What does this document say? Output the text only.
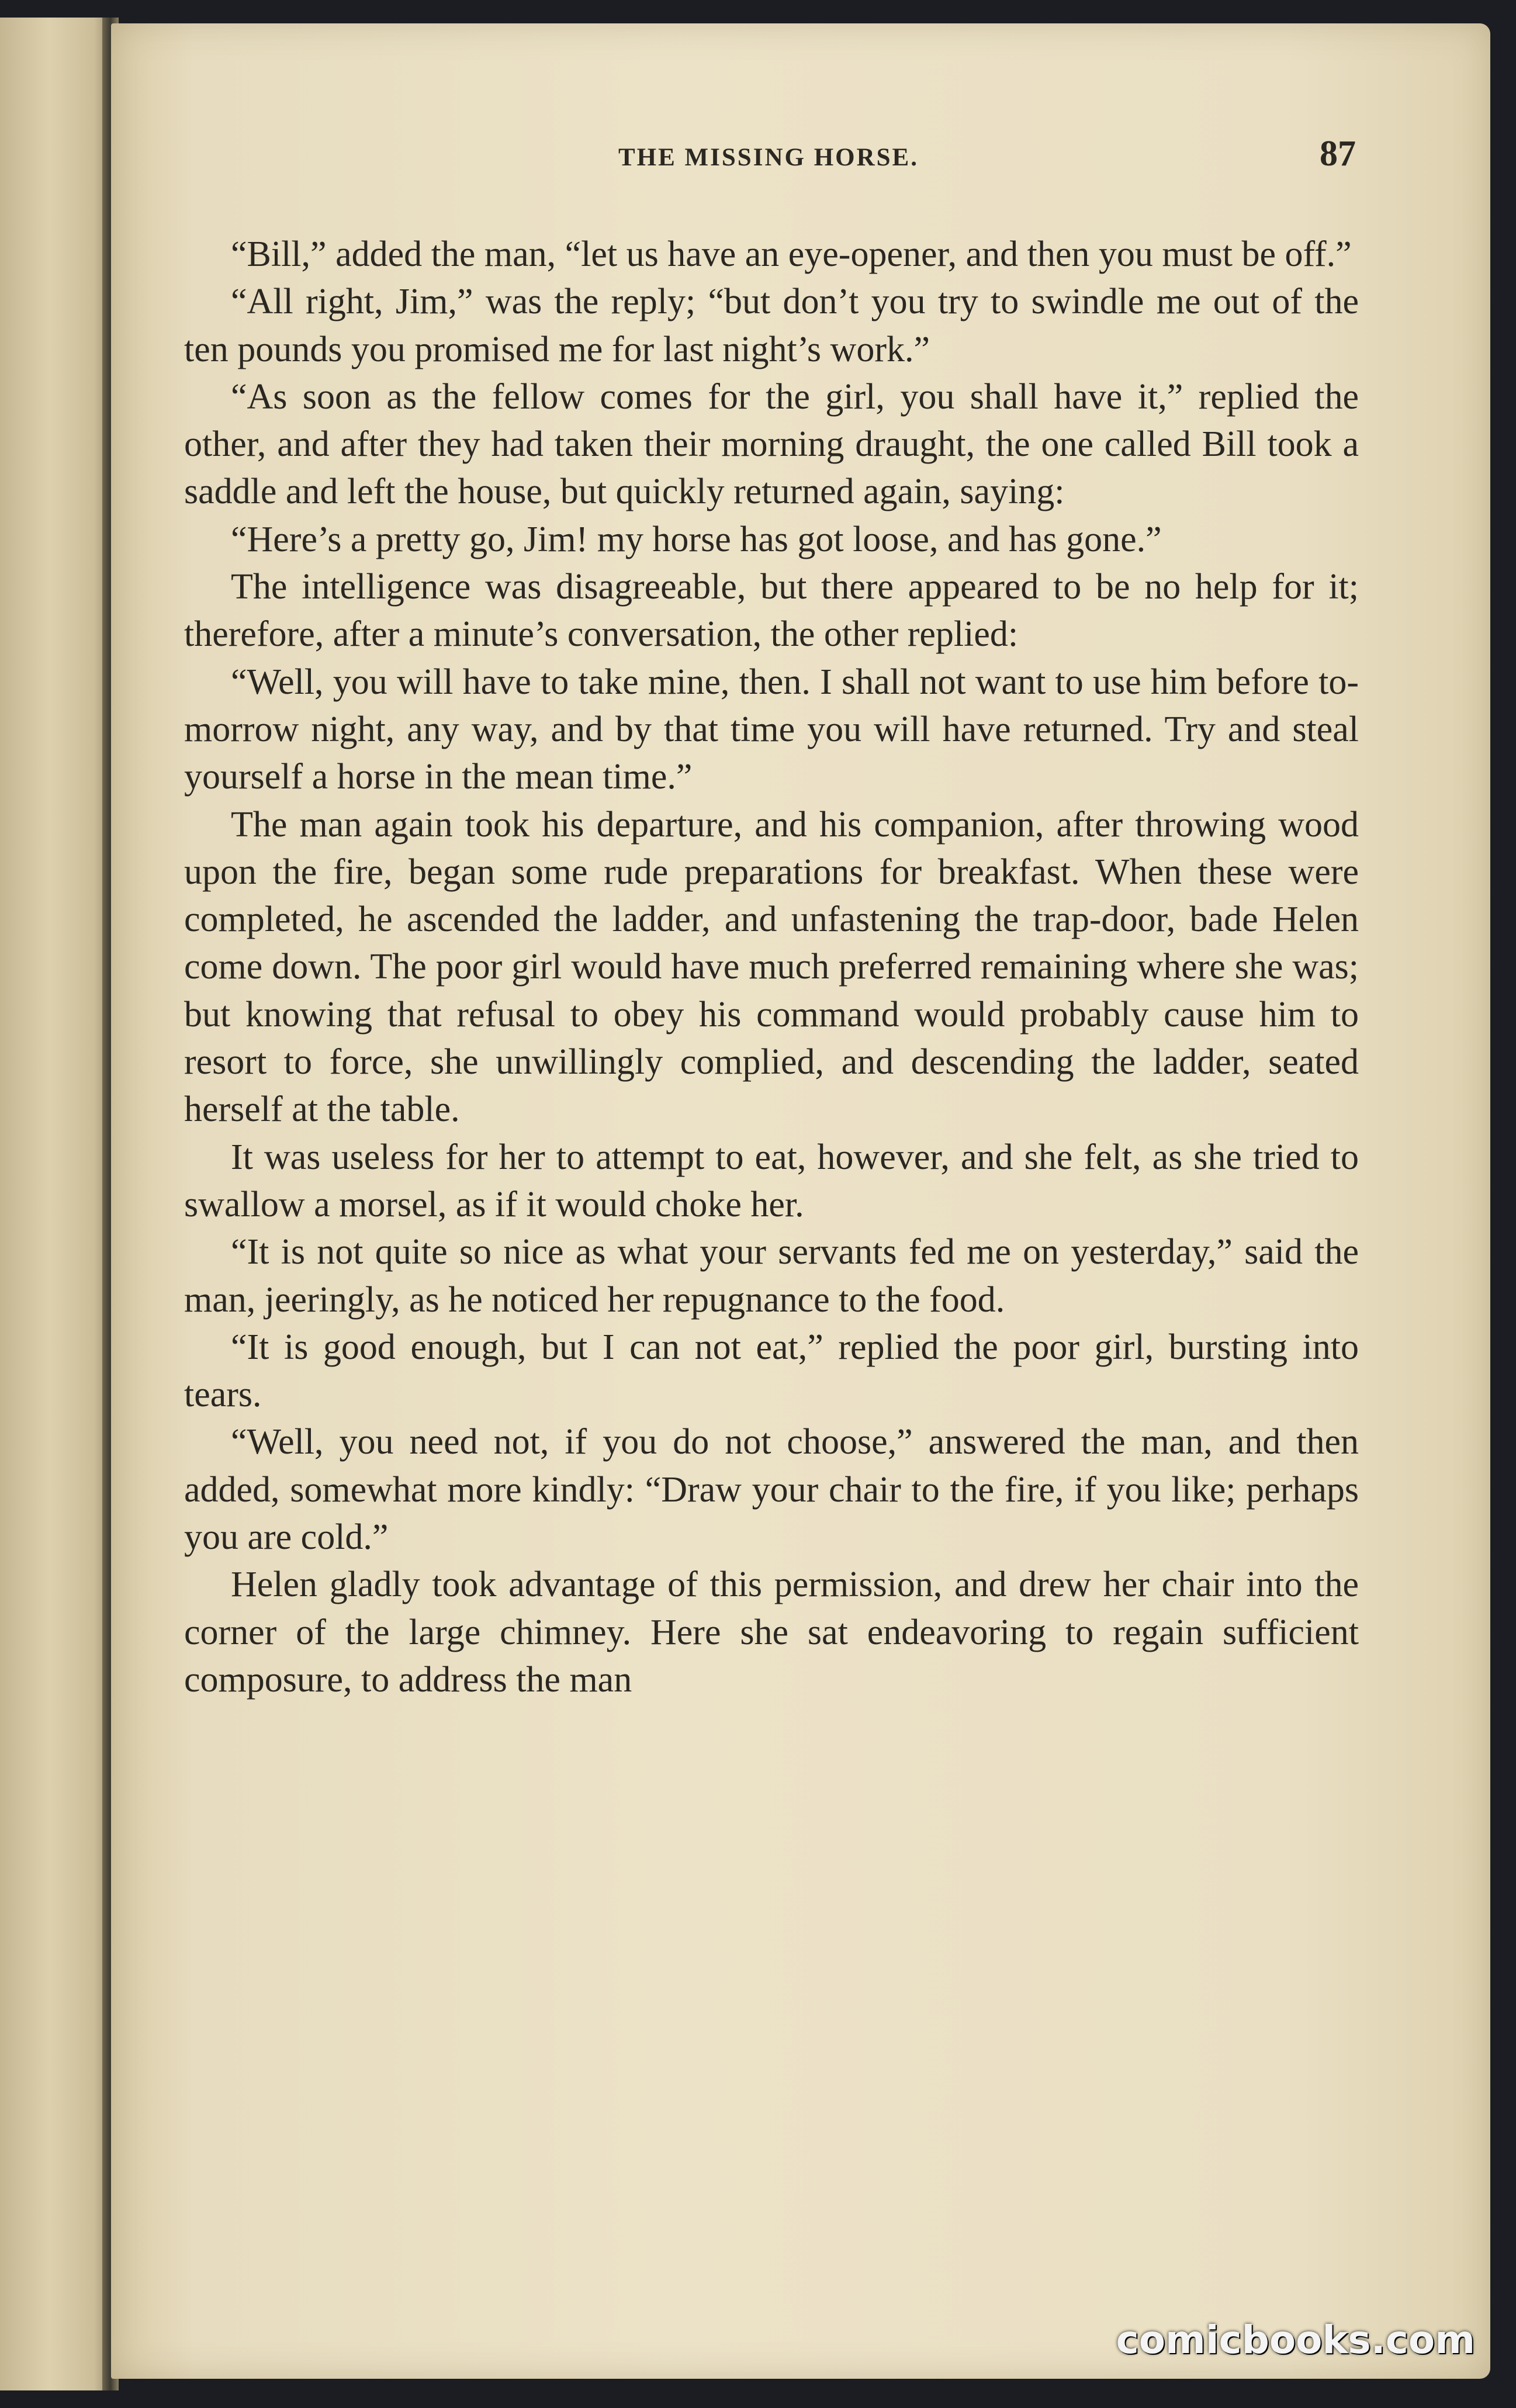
THE MISSING HORSE.	87

“Bill,” added the man, “let us have an eye-opener, and then you must be off.”

“All right, Jim,” was the reply; “but don’t you try to swindle me out of the ten pounds you promised me for last night’s work.”

“As soon as the fellow comes for the girl, you shall have it,” replied the other, and after they had taken their morning draught, the one called Bill took a saddle and left the house, but quickly returned again, saying:

“Here’s a pretty go, Jim! my horse has got loose, and has gone.”

The intelligence was disagreeable, but there appeared to be no help for it; therefore, after a minute’s conversation, the other replied:

“Well, you will have to take mine, then. I shall not want to use him before to-morrow night, any way, and by that time you will have returned. Try and steal yourself a horse in the mean time.”

The man again took his departure, and his companion, after throwing wood upon the fire, began some rude preparations for breakfast. When these were completed, he ascended the ladder, and unfastening the trap-door, bade Helen come down. The poor girl would have much preferred remaining where she was; but knowing that refusal to obey his command would probably cause him to resort to force, she unwillingly complied, and descending the ladder, seated herself at the table.

It was useless for her to attempt to eat, however, and she felt, as she tried to swallow a morsel, as if it would choke her.

“It is not quite so nice as what your servants fed me on yesterday,” said the man, jeeringly, as he noticed her repugnance to the food.

“It is good enough, but I can not eat,” replied the poor girl, bursting into tears.

“Well, you need not, if you do not choose,” answered the man, and then added, somewhat more kindly: “Draw your chair to the fire, if you like; perhaps you are cold.”

Helen gladly took advantage of this permission, and drew her chair into the corner of the large chimney. Here she sat endeavoring to regain sufficient composure, to address the man

comicbooks.com
